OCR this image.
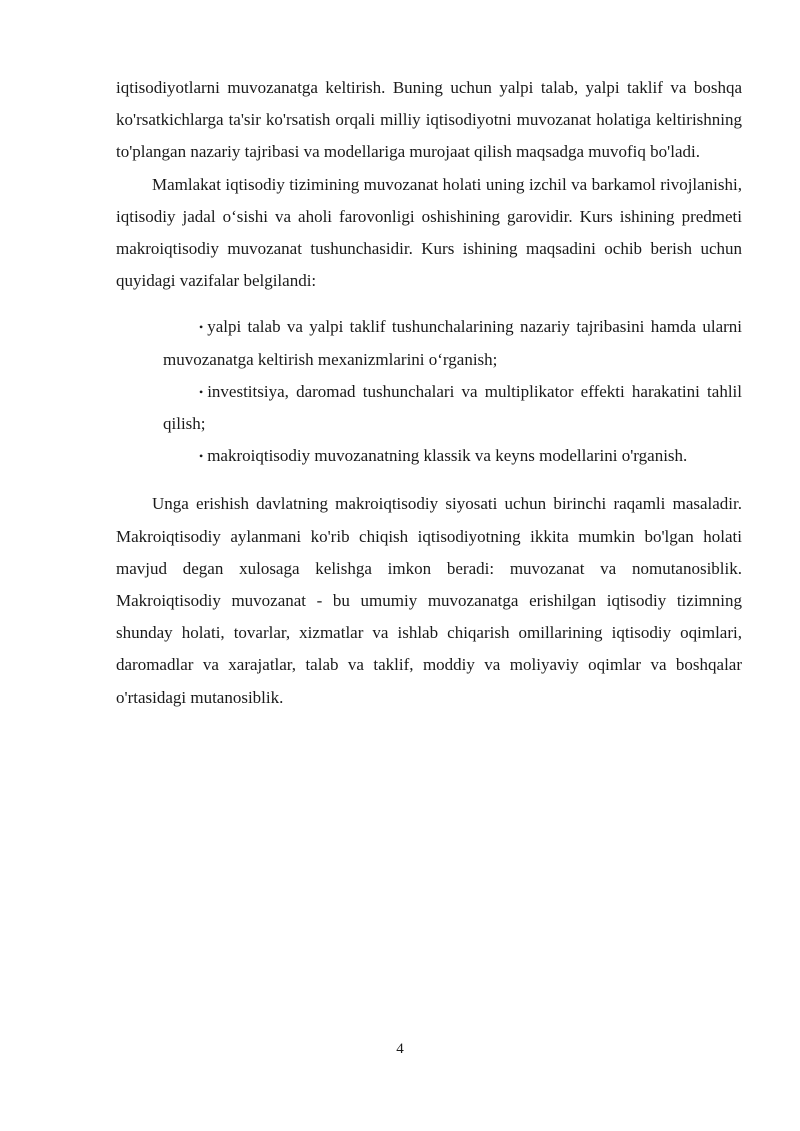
iqtisodiyotlarni muvozanatga keltirish. Buning uchun yalpi talab, yalpi taklif va boshqa ko'rsatkichlarga ta'sir ko'rsatish orqali milliy iqtisodiyotni muvozanat holatiga keltirishning to'plangan nazariy tajribasi va modellariga murojaat qilish maqsadga muvofiq bo'ladi.

Mamlakat iqtisodiy tizimining muvozanat holati uning izchil va barkamol rivojlanishi, iqtisodiy jadal o‘sishi va aholi farovonligi oshishining garovidir. Kurs ishining predmeti makroiqtisodiy muvozanat tushunchasidir. Kurs ishining maqsadini ochib berish uchun quyidagi vazifalar belgilandi:

• yalpi talab va yalpi taklif tushunchalarining nazariy tajribasini hamda ularni muvozanatga keltirish mexanizmlarini o‘rganish;
• investitsiya, daromad tushunchalari va multiplikator effekti harakatini tahlil qilish;
• makroiqtisodiy muvozanatning klassik va keyns modellarini o'rganish.

Unga erishish davlatning makroiqtisodiy siyosati uchun birinchi raqamli masaladir. Makroiqtisodiy aylanmani ko'rib chiqish iqtisodiyotning ikkita mumkin bo'lgan holati mavjud degan xulosaga kelishga imkon beradi: muvozanat va nomutanosiblik. Makroiqtisodiy muvozanat - bu umumiy muvozanatga erishilgan iqtisodiy tizimning shunday holati, tovarlar, xizmatlar va ishlab chiqarish omillarining iqtisodiy oqimlari, daromadlar va xarajatlar, talab va taklif, moddiy va moliyaviy oqimlar va boshqalar o'rtasidagi mutanosiblik.

4
